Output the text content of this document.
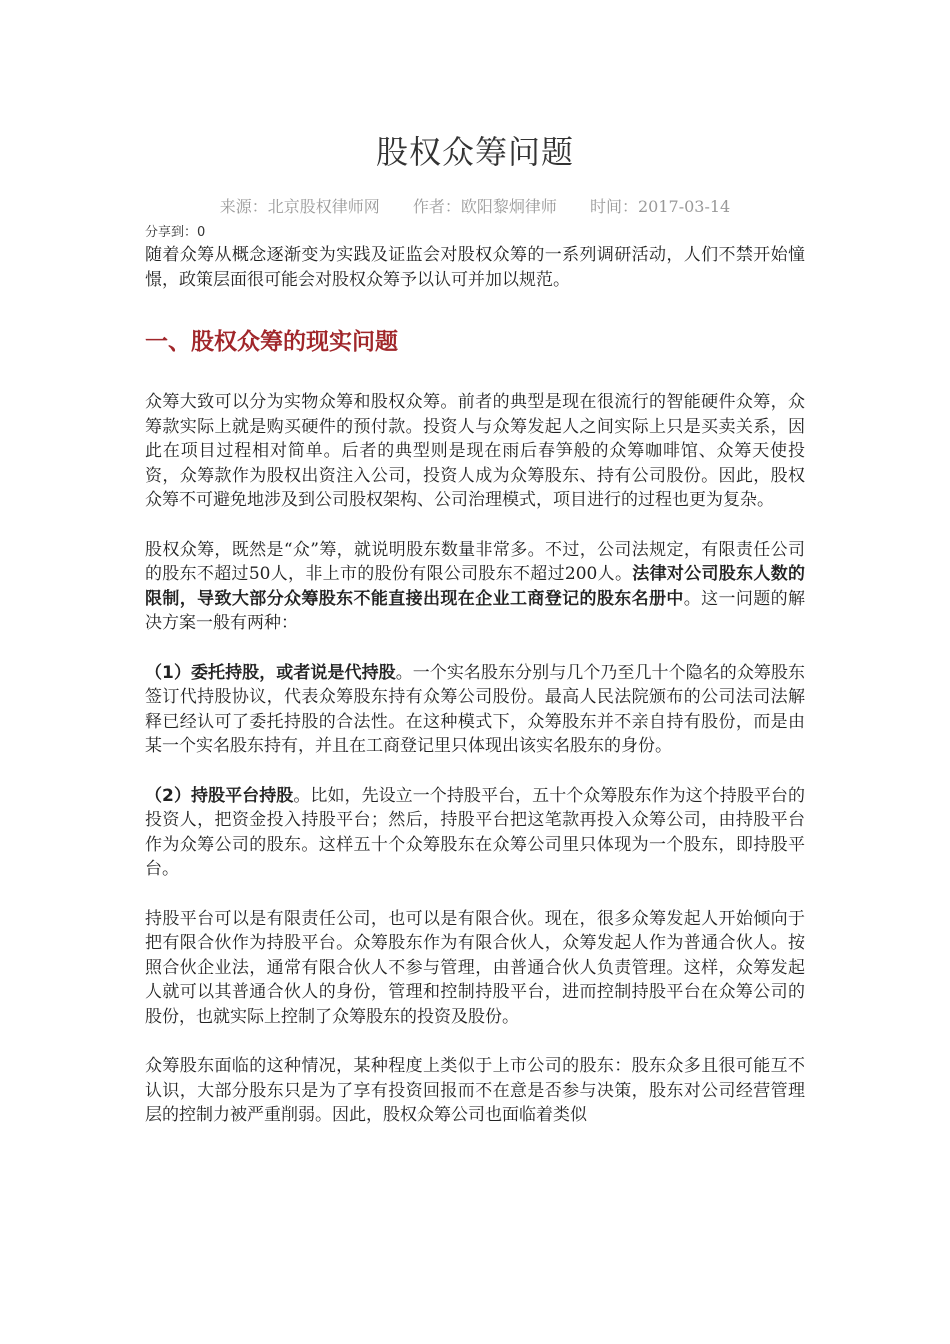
股权众筹问题
来源：北京股权律师网 作者：欧阳黎炯律师 时间：2017-03-14
分享到：0

随着众筹从概念逐渐变为实践及证监会对股权众筹的一系列调研活动，人们不禁开始憧憬，政策层面很可能会对股权众筹予以认可并加以规范。

一、股权众筹的现实问题

众筹大致可以分为实物众筹和股权众筹。前者的典型是现在很流行的智能硬件众筹，众筹款实际上就是购买硬件的预付款。投资人与众筹发起人之间实际上只是买卖关系，因此在项目过程相对简单。后者的典型则是现在雨后春笋般的众筹咖啡馆、众筹天使投资，众筹款作为股权出资注入公司，投资人成为众筹股东、持有公司股份。因此，股权众筹不可避免地涉及到公司股权架构、公司治理模式，项目进行的过程也更为复杂。

股权众筹，既然是“众”筹，就说明股东数量非常多。不过，公司法规定，有限责任公司的股东不超过50人，非上市的股份有限公司股东不超过200人。法律对公司股东人数的限制，导致大部分众筹股东不能直接出现在企业工商登记的股东名册中。这一问题的解决方案一般有两种：

（1）委托持股，或者说是代持股。一个实名股东分别与几个乃至几十个隐名的众筹股东签订代持股协议，代表众筹股东持有众筹公司股份。最高人民法院颁布的公司法司法解释已经认可了委托持股的合法性。在这种模式下，众筹股东并不亲自持有股份，而是由某一个实名股东持有，并且在工商登记里只体现出该实名股东的身份。

（2）持股平台持股。比如，先设立一个持股平台，五十个众筹股东作为这个持股平台的投资人，把资金投入持股平台；然后，持股平台把这笔款再投入众筹公司，由持股平台作为众筹公司的股东。这样五十个众筹股东在众筹公司里只体现为一个股东，即持股平台。

持股平台可以是有限责任公司，也可以是有限合伙。现在，很多众筹发起人开始倾向于把有限合伙作为持股平台。众筹股东作为有限合伙人，众筹发起人作为普通合伙人。按照合伙企业法，通常有限合伙人不参与管理，由普通合伙人负责管理。这样，众筹发起人就可以其普通合伙人的身份，管理和控制持股平台，进而控制持股平台在众筹公司的股份，也就实际上控制了众筹股东的投资及股份。

众筹股东面临的这种情况，某种程度上类似于上市公司的股东：股东众多且很可能互不认识，大部分股东只是为了享有投资回报而不在意是否参与决策，股东对公司经营管理层的控制力被严重削弱。因此，股权众筹公司也面临着类似
